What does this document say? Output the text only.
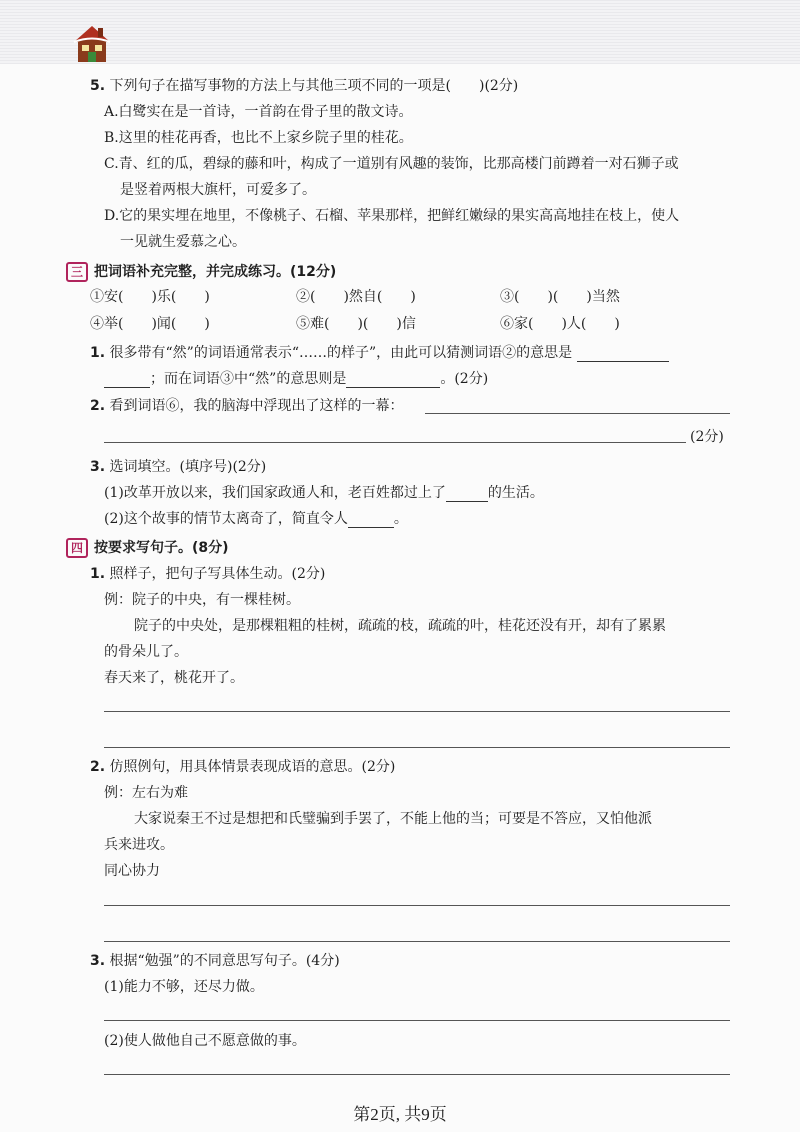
5. 下列句子在描写事物的方法上与其他三项不同的一项是(　　)(2分)
A.白鹭实在是一首诗，一首韵在骨子里的散文诗。
B.这里的桂花再香，也比不上家乡院子里的桂花。
C.青、红的瓜，碧绿的藤和叶，构成了一道别有风趣的装饰，比那高楼门前蹲着一对石狮子或
是竖着两根大旗杆，可爱多了。
D.它的果实埋在地里，不像桃子、石榴、苹果那样，把鲜红嫩绿的果实高高地挂在枝上，使人
一见就生爱慕之心。
三 把词语补充完整，并完成练习。(12分)
①安(　　)乐(　　)	②(　　)然自(　　)	③(　　)(　　)当然
④举(　　)闻(　　)	⑤难(　　)(　　)信	⑥家(　　)人(　　)
1. 很多带有“然”的词语通常表示“……的样子”，由此可以猜测词语②的意思是
；而在词语③中“然”的意思则是	。(2分)
2. 看到词语⑥，我的脑海中浮现出了这样的一幕：
(2分)
3. 选词填空。(填序号)(2分)
(1)改革开放以来，我们国家政通人和，老百姓都过上了	的生活。
(2)这个故事的情节太离奇了，简直令人	。
四 按要求写句子。(8分)
1. 照样子，把句子写具体生动。(2分)
例：院子的中央，有一棵桂树。
院子的中央处，是那棵粗粗的桂树，疏疏的枝，疏疏的叶，桂花还没有开，却有了累累
的骨朵儿了。
春天来了，桃花开了。
2. 仿照例句，用具体情景表现成语的意思。(2分)
例：左右为难
大家说秦王不过是想把和氏璧骗到手罢了，不能上他的当；可要是不答应，又怕他派
兵来进攻。
同心协力
3. 根据“勉强”的不同意思写句子。(4分)
(1)能力不够，还尽力做。
(2)使人做他自己不愿意做的事。
第2页, 共9页
